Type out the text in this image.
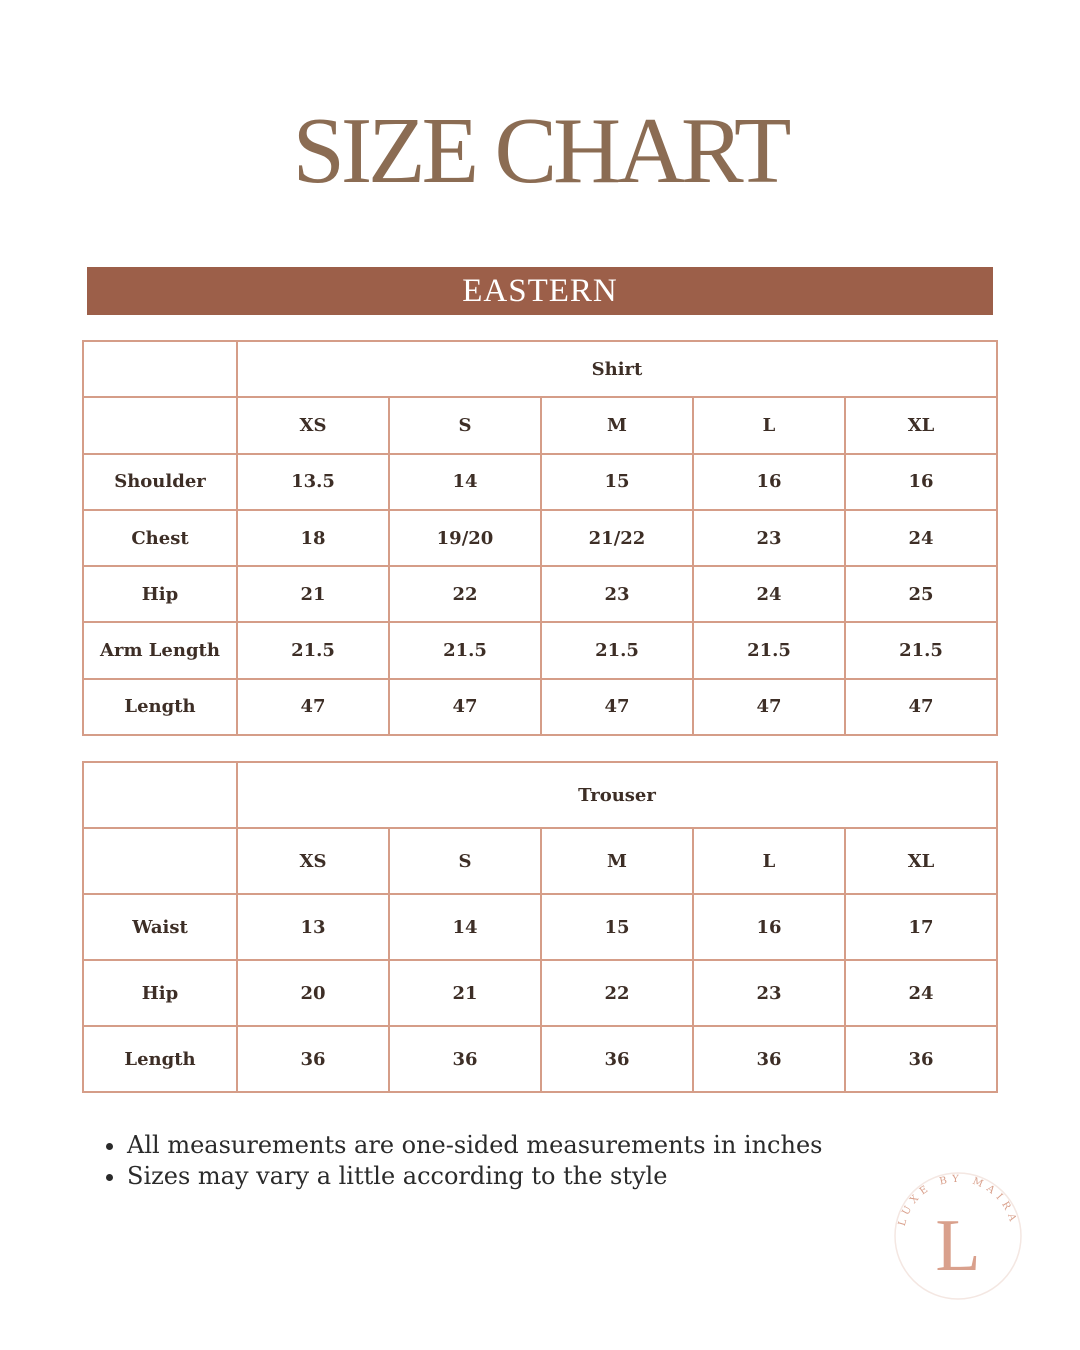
SIZE CHART
EASTERN
	Shirt				
	XS	S	M	L	XL
Shoulder	13.5	14	15	16	16
Chest	18	19/20	21/22	23	24
Hip	21	22	23	24	25
Arm Length	21.5	21.5	21.5	21.5	21.5
Length	47	47	47	47	47
	Trouser				
	XS	S	M	L	XL
Waist	13	14	15	16	17
Hip	20	21	22	23	24
Length	36	36	36	36	36
• All measurements are one-sided measurements in inches
• Sizes may vary a little according to the style
LUXE BY MAIRA
L
